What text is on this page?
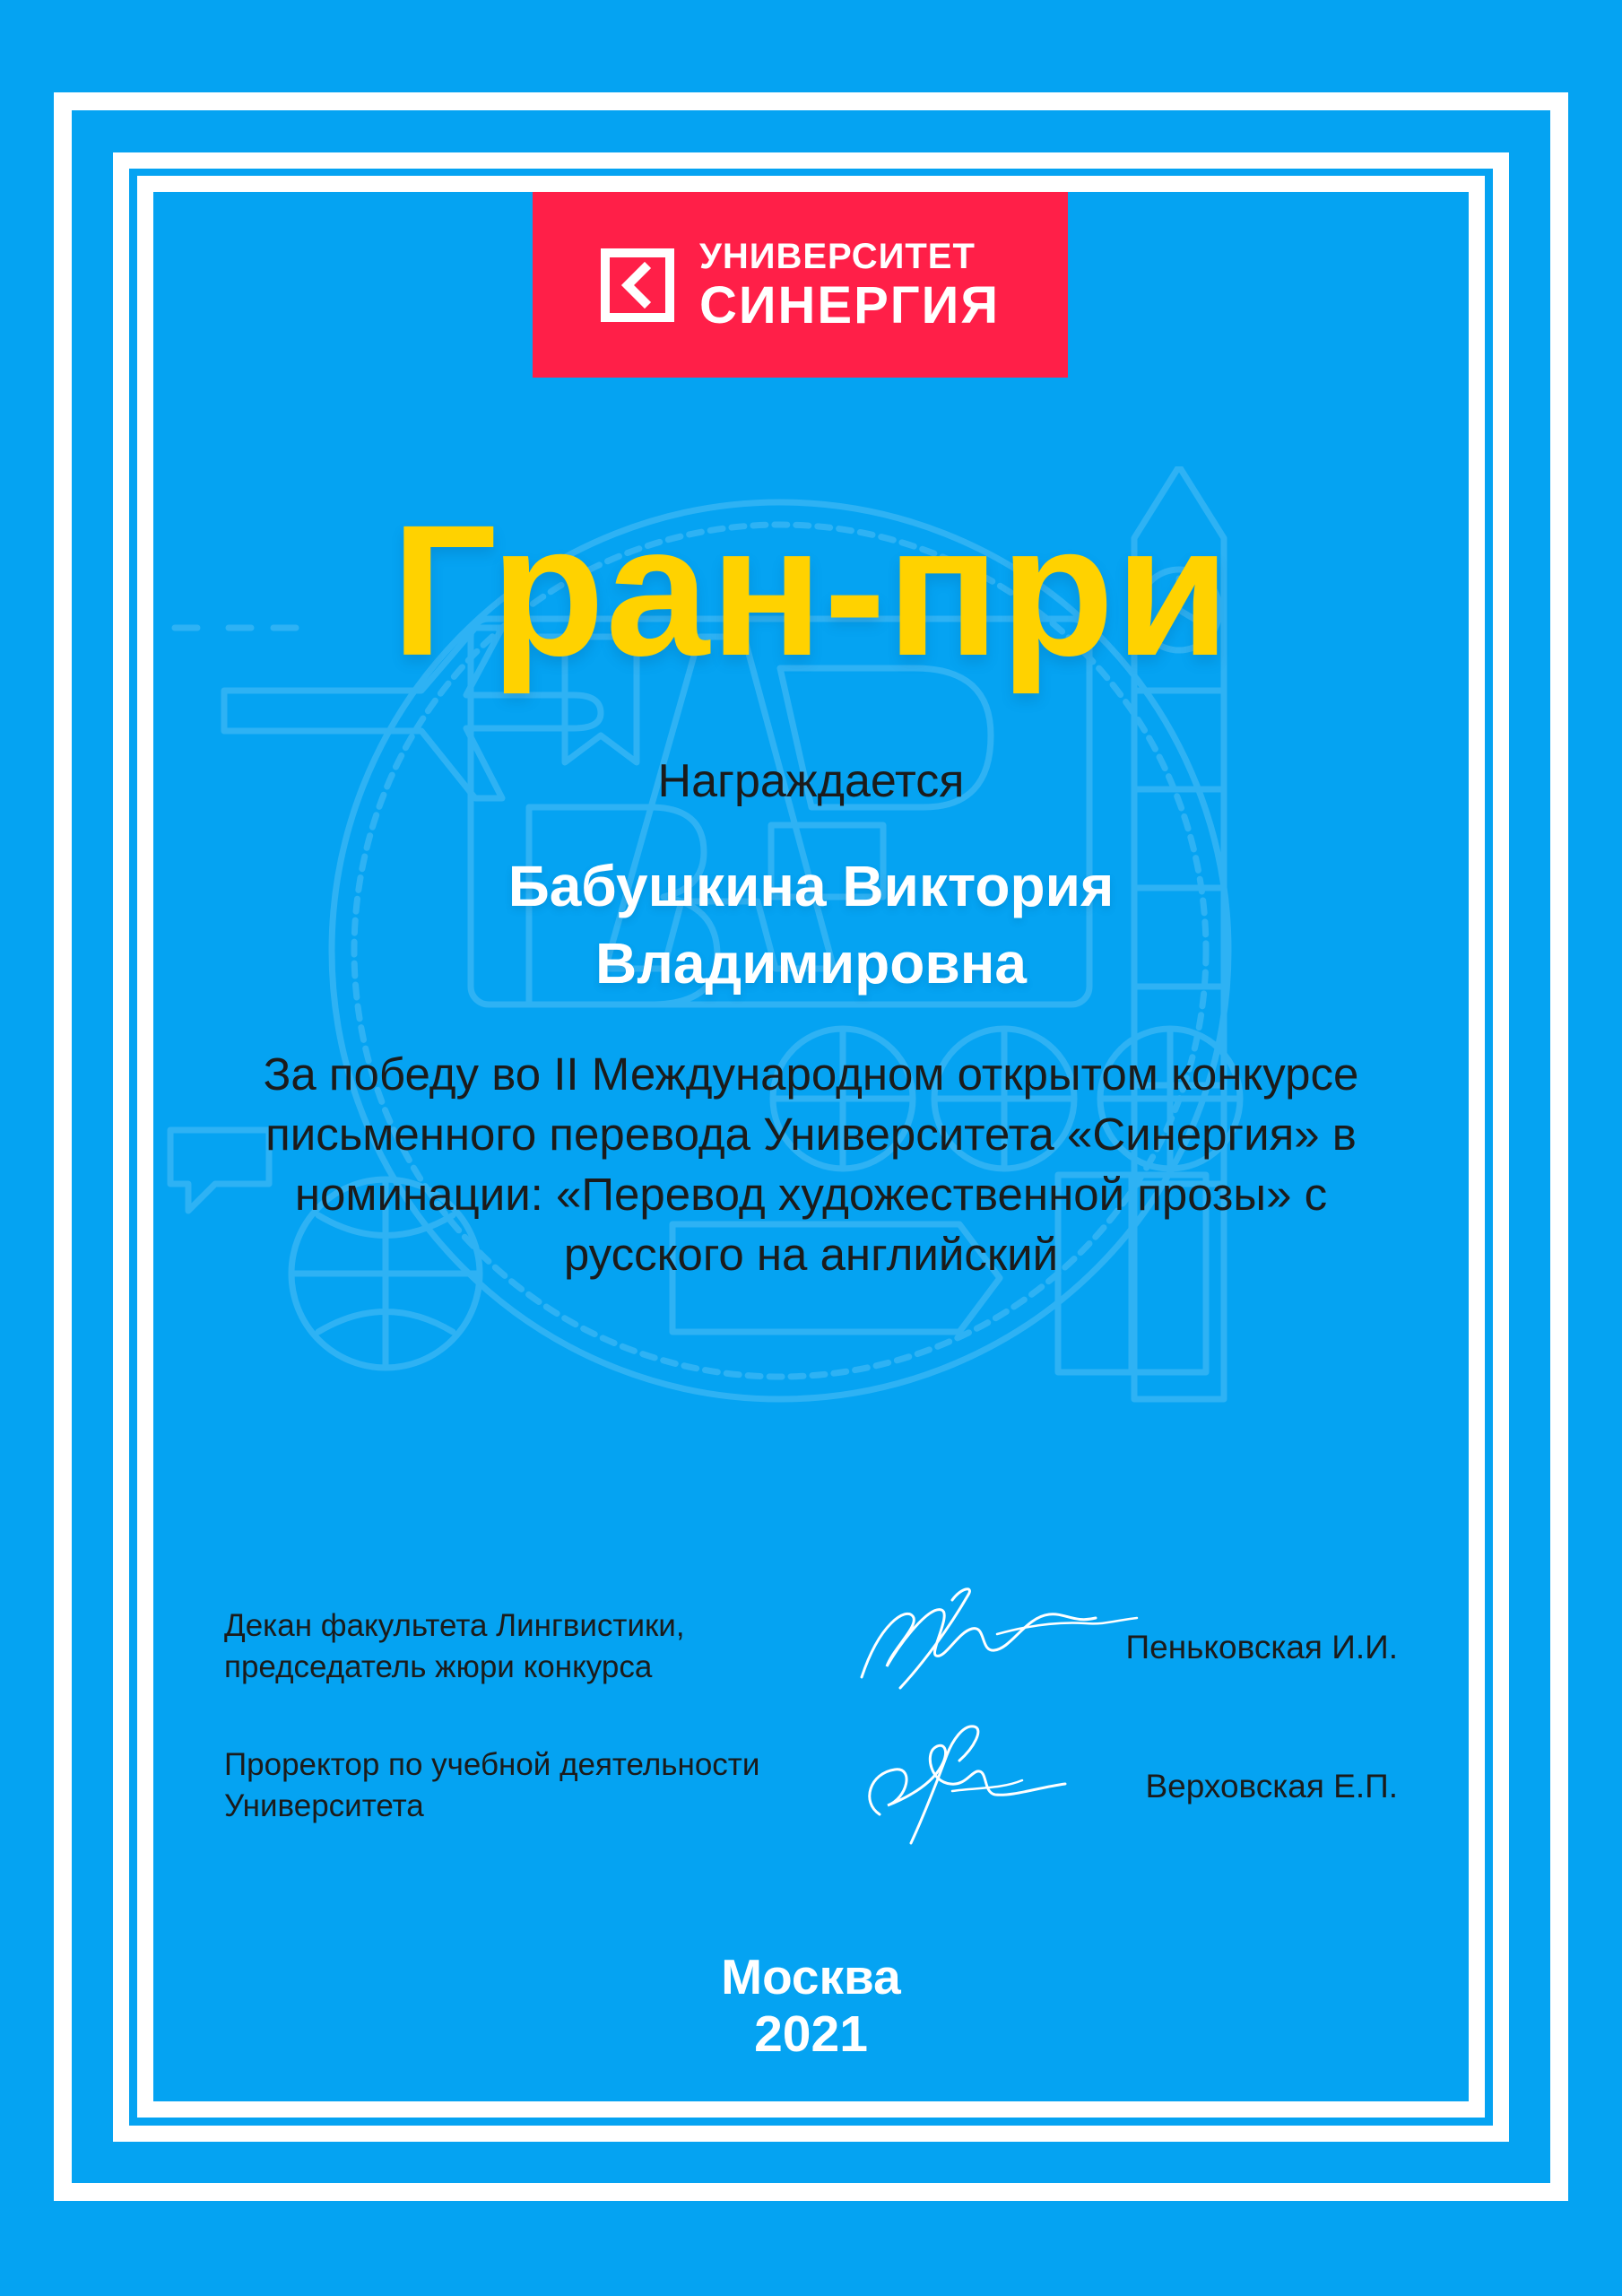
УНИВЕРСИТЕТ
СИНЕРГИЯ
Гран-при
Награждается
Бабушкина Виктория
Владимировна
За победу во II Международном открытом конкурсе письменного перевода Университета «Синергия» в номинации: «Перевод художественной прозы» с русского на английский
Декан факультета Лингвистики, председатель жюри конкурса
Пеньковская И.И.
Проректор по учебной деятельности Университета
Верховская Е.П.
Москва
2021
